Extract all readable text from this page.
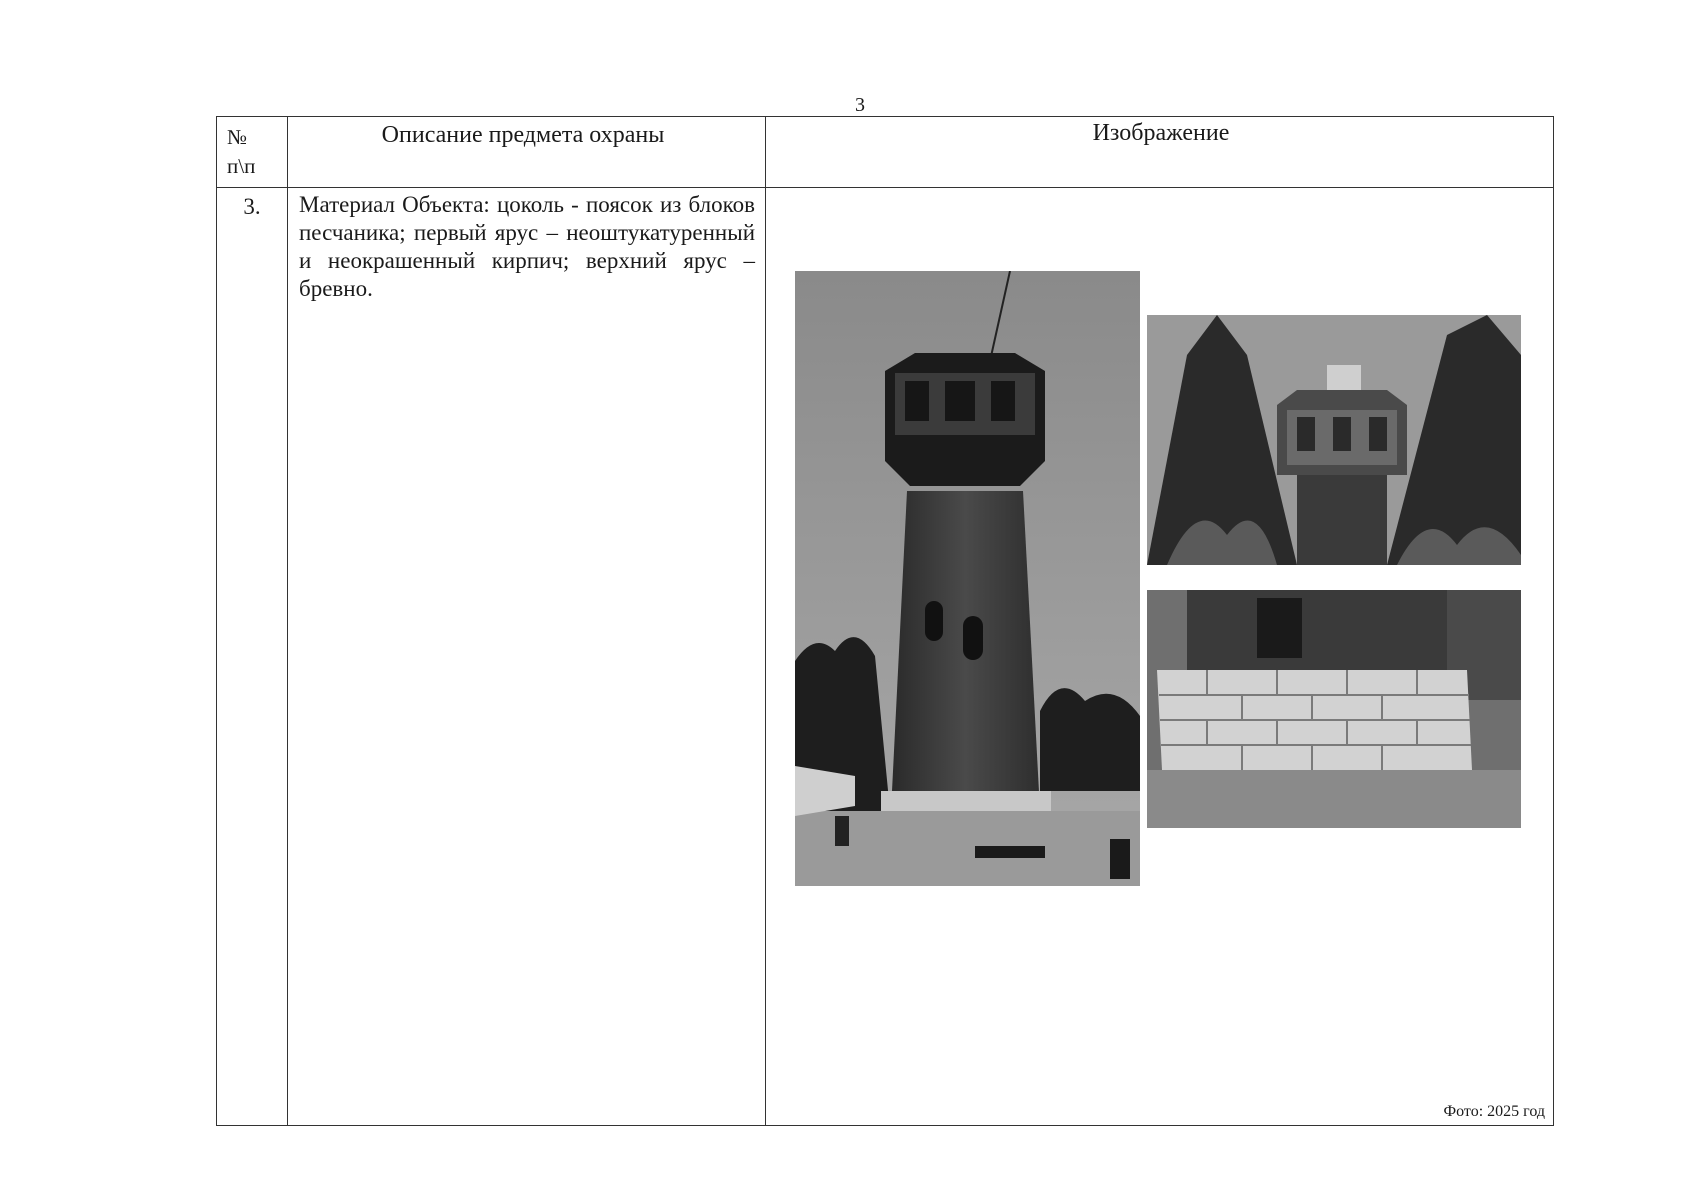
3
№ п\п
Описание предмета охраны	Изображение
3.	Материал Объекта: цоколь - поясок из блоков песчаника; первый ярус – неоштукатуренный и неокрашенный кирпич; верхний ярус – бревно.
Фото: 2025 год
